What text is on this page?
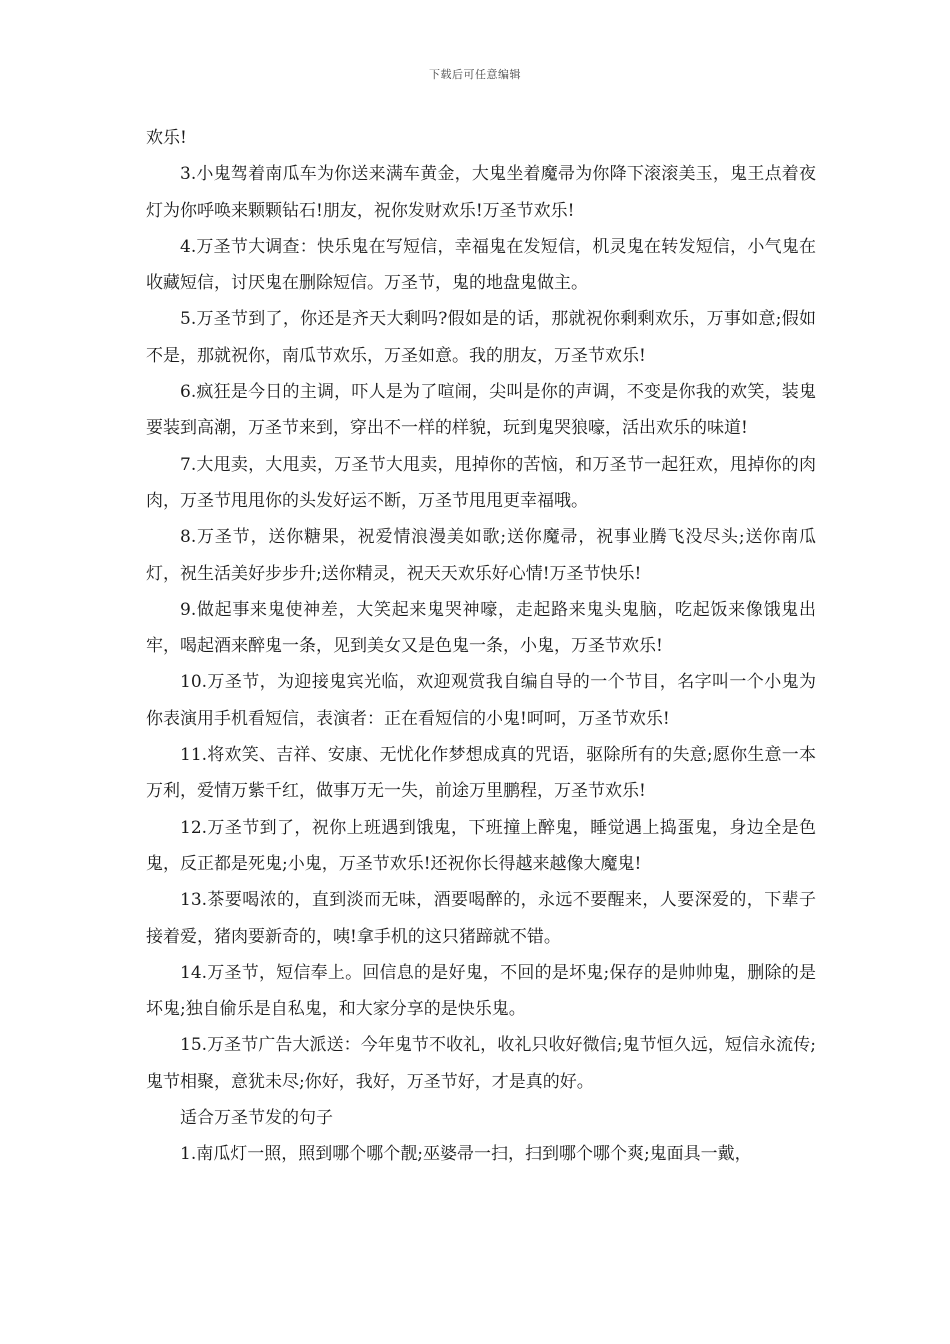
下载后可任意编辑

欢乐!

3.小鬼驾着南瓜车为你送来满车黄金，大鬼坐着魔帚为你降下滚滚美玉，鬼王点着夜灯为你呼唤来颗颗钻石!朋友，祝你发财欢乐!万圣节欢乐!

4.万圣节大调查：快乐鬼在写短信，幸福鬼在发短信，机灵鬼在转发短信，小气鬼在收藏短信，讨厌鬼在删除短信。万圣节，鬼的地盘鬼做主。

5.万圣节到了，你还是齐天大剩吗?假如是的话，那就祝你剩剩欢乐，万事如意;假如不是，那就祝你，南瓜节欢乐，万圣如意。我的朋友，万圣节欢乐!

6.疯狂是今日的主调，吓人是为了喧闹，尖叫是你的声调，不变是你我的欢笑，装鬼要装到高潮，万圣节来到，穿出不一样的样貌，玩到鬼哭狼嚎，活出欢乐的味道!

7.大甩卖，大甩卖，万圣节大甩卖，甩掉你的苦恼，和万圣节一起狂欢，甩掉你的肉肉，万圣节甩甩你的头发好运不断，万圣节甩甩更幸福哦。

8.万圣节，送你糖果，祝爱情浪漫美如歌;送你魔帚，祝事业腾飞没尽头;送你南瓜灯，祝生活美好步步升;送你精灵，祝天天欢乐好心情!万圣节快乐!

9.做起事来鬼使神差，大笑起来鬼哭神嚎，走起路来鬼头鬼脑，吃起饭来像饿鬼出牢，喝起酒来醉鬼一条，见到美女又是色鬼一条，小鬼，万圣节欢乐!

10.万圣节，为迎接鬼宾光临，欢迎观赏我自编自导的一个节目，名字叫一个小鬼为你表演用手机看短信，表演者：正在看短信的小鬼!呵呵，万圣节欢乐!

11.将欢笑、吉祥、安康、无忧化作梦想成真的咒语，驱除所有的失意;愿你生意一本万利，爱情万紫千红，做事万无一失，前途万里鹏程，万圣节欢乐!

12.万圣节到了，祝你上班遇到饿鬼，下班撞上醉鬼，睡觉遇上捣蛋鬼，身边全是色鬼，反正都是死鬼;小鬼，万圣节欢乐!还祝你长得越来越像大魔鬼!

13.茶要喝浓的，直到淡而无味，酒要喝醉的，永远不要醒来，人要深爱的，下辈子接着爱，猪肉要新奇的，咦!拿手机的这只猪蹄就不错。

14.万圣节，短信奉上。回信息的是好鬼，不回的是坏鬼;保存的是帅帅鬼，删除的是坏鬼;独自偷乐是自私鬼，和大家分享的是快乐鬼。

15.万圣节广告大派送：今年鬼节不收礼，收礼只收好微信;鬼节恒久远，短信永流传;鬼节相聚，意犹未尽;你好，我好，万圣节好，才是真的好。

适合万圣节发的句子

1.南瓜灯一照，照到哪个哪个靓;巫婆帚一扫，扫到哪个哪个爽;鬼面具一戴，
